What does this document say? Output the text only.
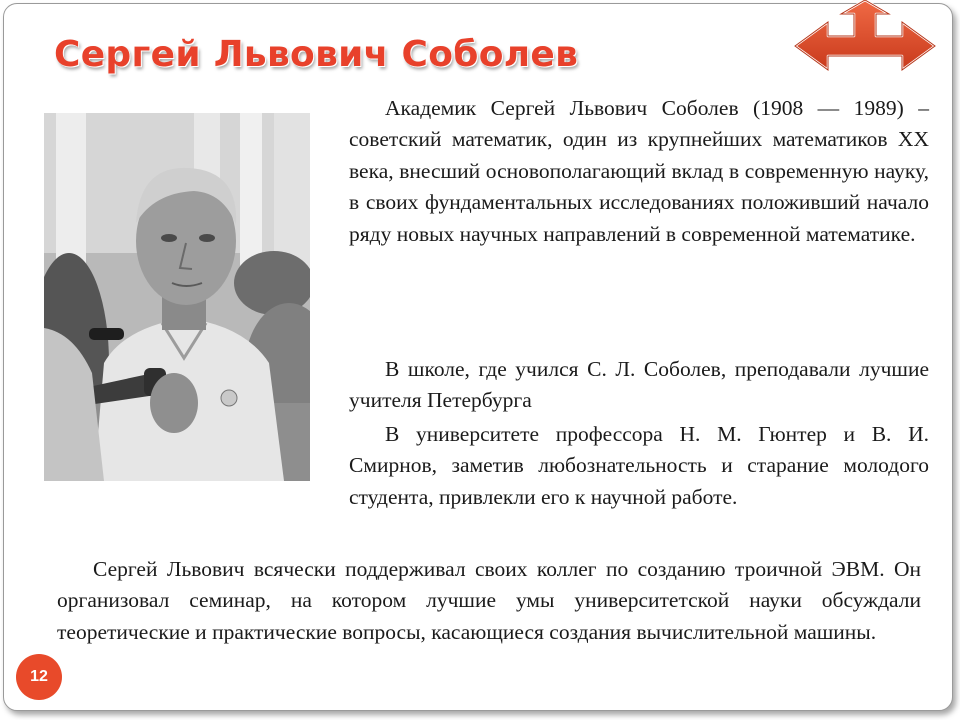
Сергей Львович Соболев

Академик Сергей Львович Соболев (1908 — 1989) – советский математик, один из крупнейших математиков XX века, внесший основополагающий вклад в современную науку, в своих фундаментальных исследованиях положивший начало ряду новых научных направлений в современной математике.

В школе, где учился С. Л. Соболев, преподавали лучшие учителя Петербурга

В университете профессора Н. М. Гюнтер и В. И. Смирнов, заметив любознательность и старание молодого студента, привлекли его к научной работе.

Сергей Львович всячески поддерживал своих коллег по созданию троичной ЭВМ. Он организовал семинар, на котором лучшие умы университетской науки обсуждали теоретические и практические вопросы, касающиеся создания вычислительной машины.

12
